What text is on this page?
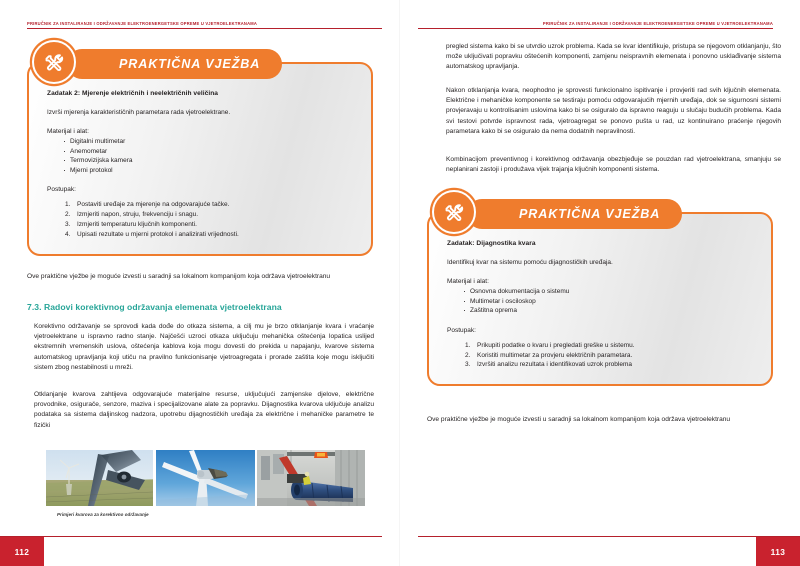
PRIRUČNIK ZA INSTALIRANJE I ODRŽAVANJE ELEKTROENERGETSKE OPREME U VJETROELEKTRANAMA
PRAKTIČNA VJEŽBA
Zadatak 2: Mjerenje električnih i neelektričnih veličina
Izvrši mjerenja karakterističnih parametara rada vjetroelektrane.
Materijal i alat:
· Digitalni multimetar
· Anemometar
· Termovizijska kamera
· Mjerni protokol
Postupak:
Postaviti uređaje za mjerenje na odgovarajuće tačke.
Izmjeriti napon, struju, frekvenciju i snagu.
Izmjeriti temperaturu ključnih komponenti.
Upisati rezultate u mjerni protokol i analizirati vrijednosti.

Ove praktične vježbe je moguće izvesti u saradnji sa lokalnom kompanijom koja održava vjetroelektranu

7.3. Radovi korektivnog održavanja elemenata vjetroelektrana

Korektivno održavanje se sprovodi kada dođe do otkaza sistema, a cilj mu je brzo otklanjanje kvara i vraćanje vjetroelektrane u ispravno radno stanje. Najčešći uzroci otkaza uključuju mehanička oštećenja lopatica uslijed ekstremnih vremenskih uslova, oštećenja kablova koja mogu dovesti do prekida u napajanju, kvarove sistema automatskog upravljanja koji utiču na pravilno funkcionisanje vjetroagregata i prorade zaštita koje mogu isključiti sistem zbog nestabilnosti u mreži.

Otklanjanje kvarova zahtijeva odgovarajuće materijalne resurse, uključujući zamjenske djelove, električne provodnike, osigurače, senzore, maziva i specijalizovane alate za popravku. Dijagnostika kvarova uključuje analizu podataka sa sistema daljinskog nadzora, upotrebu dijagnostičkih uređaja za električne i mehaničke parametre te fizički

Primjeri kvarova za korektivno održavanje
112
PRIRUČNIK ZA INSTALIRANJE I ODRŽAVANJE ELEKTROENERGETSKE OPREME U VJETROELEKTRANAMA

pregled sistema kako bi se utvrdio uzrok problema. Kada se kvar identifikuje, pristupa se njegovom otklanjanju, što može uključivati popravku oštećenih komponenti, zamjenu neispravnih elemenata i ponovno usklađivanje sistema automatskog upravljanja.

Nakon otklanjanja kvara, neophodno je sprovesti funkcionalno ispitivanje i provjeriti rad svih ključnih elemenata. Električne i mehaničke komponente se testiraju pomoću odgovarajućih mjernih uređaja, dok se sigurnosni sistemi provjeravaju u kontrolisanim uslovima kako bi se osiguralo da ispravno reaguju u slučaju budućih problema. Kada svi testovi potvrde ispravnost rada, vjetroagregat se ponovo pušta u rad, uz kontinuirano praćenje njegovih parametara kako bi se osiguralo da nema dodatnih nepravilnosti.

Kombinacijom preventivnog i korektivnog održavanja obezbjeđuje se pouzdan rad vjetroelektrana, smanjuju se neplanirani zastoji i produžava vijek trajanja ključnih komponenti sistema.

PRAKTIČNA VJEŽBA
Zadatak: Dijagnostika kvara
Identifikuj kvar na sistemu pomoću dijagnostičkih uređaja.
Materijal i alat:
· Osnovna dokumentacija o sistemu
· Multimetar i osciloskop
· Zaštitna oprema
Postupak:
Prikupiti podatke o kvaru i pregledati greške u sistemu.
Koristiti multimetar za provjeru električnih parametara.
Izvršiti analizu rezultata i identifikovati uzrok problema

Ove praktične vježbe je moguće izvesti u saradnji sa lokalnom kompanijom koja održava vjetroelektranu

113
